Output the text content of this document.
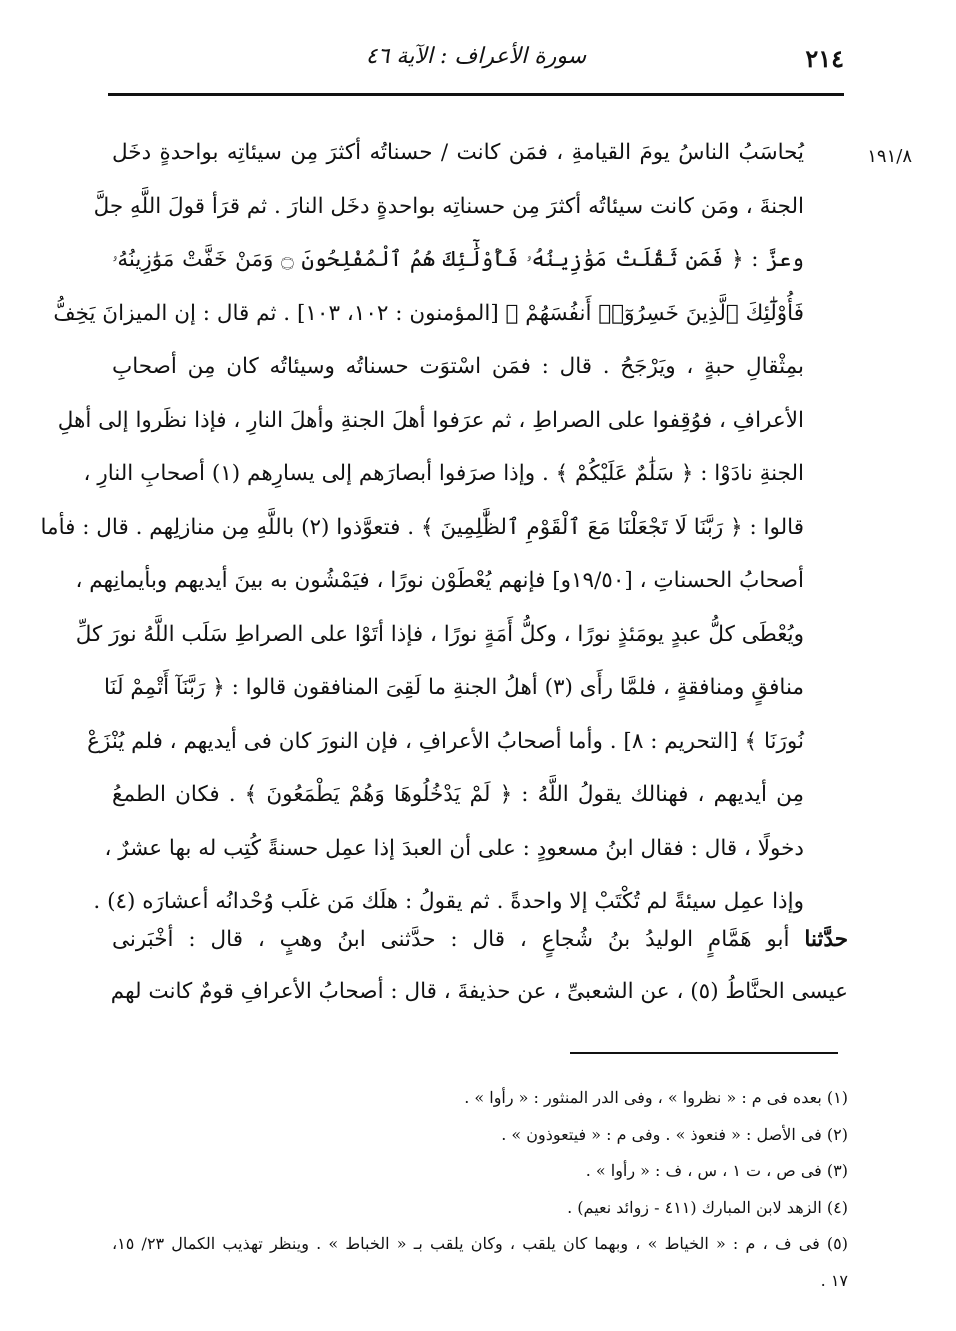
٢١٤
سورة الأعراف : الآية ٤٦
١٩١/٨
يُحاسَبُ الناسُ يومَ القيامةِ ، فمَن كانت / حسناتُه أكثرَ مِن سيئاتِه بواحدةٍ دخَل
الجنةَ ، ومَن كانت سيئاتُه أكثرَ مِن حسناتِه بواحدةٍ دخَل النارَ . ثم قرَأ قولَ اللَّهِ جلَّ
وعزَّ : ﴿ فَمَن ثَقُلَتْ مَوَٰزِينُهُۥ فَأُوْلَٰٓئِكَ هُمُ ٱلْمُفْلِحُونَ ۝ وَمَنْ خَفَّتْ مَوَٰزِينُهُۥ
فَأُوْلَٰٓئِكَ ٱلَّذِينَ خَسِرُوٓا۟ أَنفُسَهُمْ ﴾ [المؤمنون : ١٠٢، ١٠٣] . ثم قال : إن الميزانَ يَخِفُّ
بمِثْقالِ حبةٍ ، ويَرْجَحُ . قال : فمَن اسْتوَت حسناتُه وسيئاتُه كان مِن أصحابِ
الأعرافِ ، فوُقِفوا على الصراطِ ، ثم عرَفوا أهلَ الجنةِ وأهلَ النارِ ، فإذا نظَروا إلى أهلِ
الجنةِ نادَوْا : ﴿ سَلَٰمٌ عَلَيْكُمْ ﴾ . وإذا صرَفوا أبصارَهم إلى يسارِهم (١) أصحابِ النارِ ،
قالوا : ﴿ رَبَّنَا لَا تَجْعَلْنَا مَعَ ٱلْقَوْمِ ٱلظَّٰلِمِينَ ﴾ . فتعوَّذوا (٢) باللَّهِ مِن منازلِهم . قال : فأما
أصحابُ الحسناتِ ، [١٩/٥٠و] فإنهم يُعْطَوْن نورًا ، فيَمْشُون به بينَ أيديهم وبأيمانِهم ،
ويُعْطَى كلُّ عبدٍ يومَئذٍ نورًا ، وكلُّ أَمَةٍ نورًا ، فإذا أتَوْا على الصراطِ سَلَب اللَّهُ نورَ كلِّ
منافقٍ ومنافقةٍ ، فلمَّا رأَى (٣) أهلُ الجنةِ ما لَقِىَ المنافقون قالوا : ﴿ رَبَّنَآ أَتْمِمْ لَنَا
نُورَنَا ﴾ [التحريم : ٨] . وأما أصحابُ الأعرافِ ، فإن النورَ كان فى أيديهم ، فلم يُنْزَعْ
مِن أيديهم ، فهنالك يقولُ اللَّهُ : ﴿ لَمْ يَدْخُلُوهَا وَهُمْ يَطْمَعُونَ ﴾ . فكان الطمعُ
دخولًا ، قال : فقال ابنُ مسعودٍ : على أن العبدَ إذا عمِل حسنةً كُتِب له بها عشرٌ ،
وإذا عمِل سيئةً لم تُكْتَبْ إلا واحدةً . ثم يقولُ : هلَك مَن غلَب وُحْدانُه أعشارَه (٤) .
حدَّثنا أبو هَمَّامٍ الوليدُ بنُ شُجاعٍ ، قال : حدَّثنى ابنُ وهبٍ ، قال : أخْبَرنى
عيسى الحنَّاطُ (٥) ، عن الشعبىِّ ، عن حذيفةَ ، قال : أصحابُ الأعرافِ قومٌ كانت لهم
(١) بعده فى م : « نظروا » ، وفى الدر المنثور : « رأوا » .
(٢) فى الأصل : « فنعوذ » . وفى م : « فيتعوذون » .
(٣) فى ص ، ت ١ ، س ، ف : « رأوا » .
(٤) الزهد لابن المبارك (٤١١ - زوائد نعيم) .
(٥) فى ف ، م : « الخياط » ، وبهما كان يلقب ، وكان يلقب بـ « الخباط » . وينظر تهذيب الكمال ٢٣/ ١٥،
١٧ .
